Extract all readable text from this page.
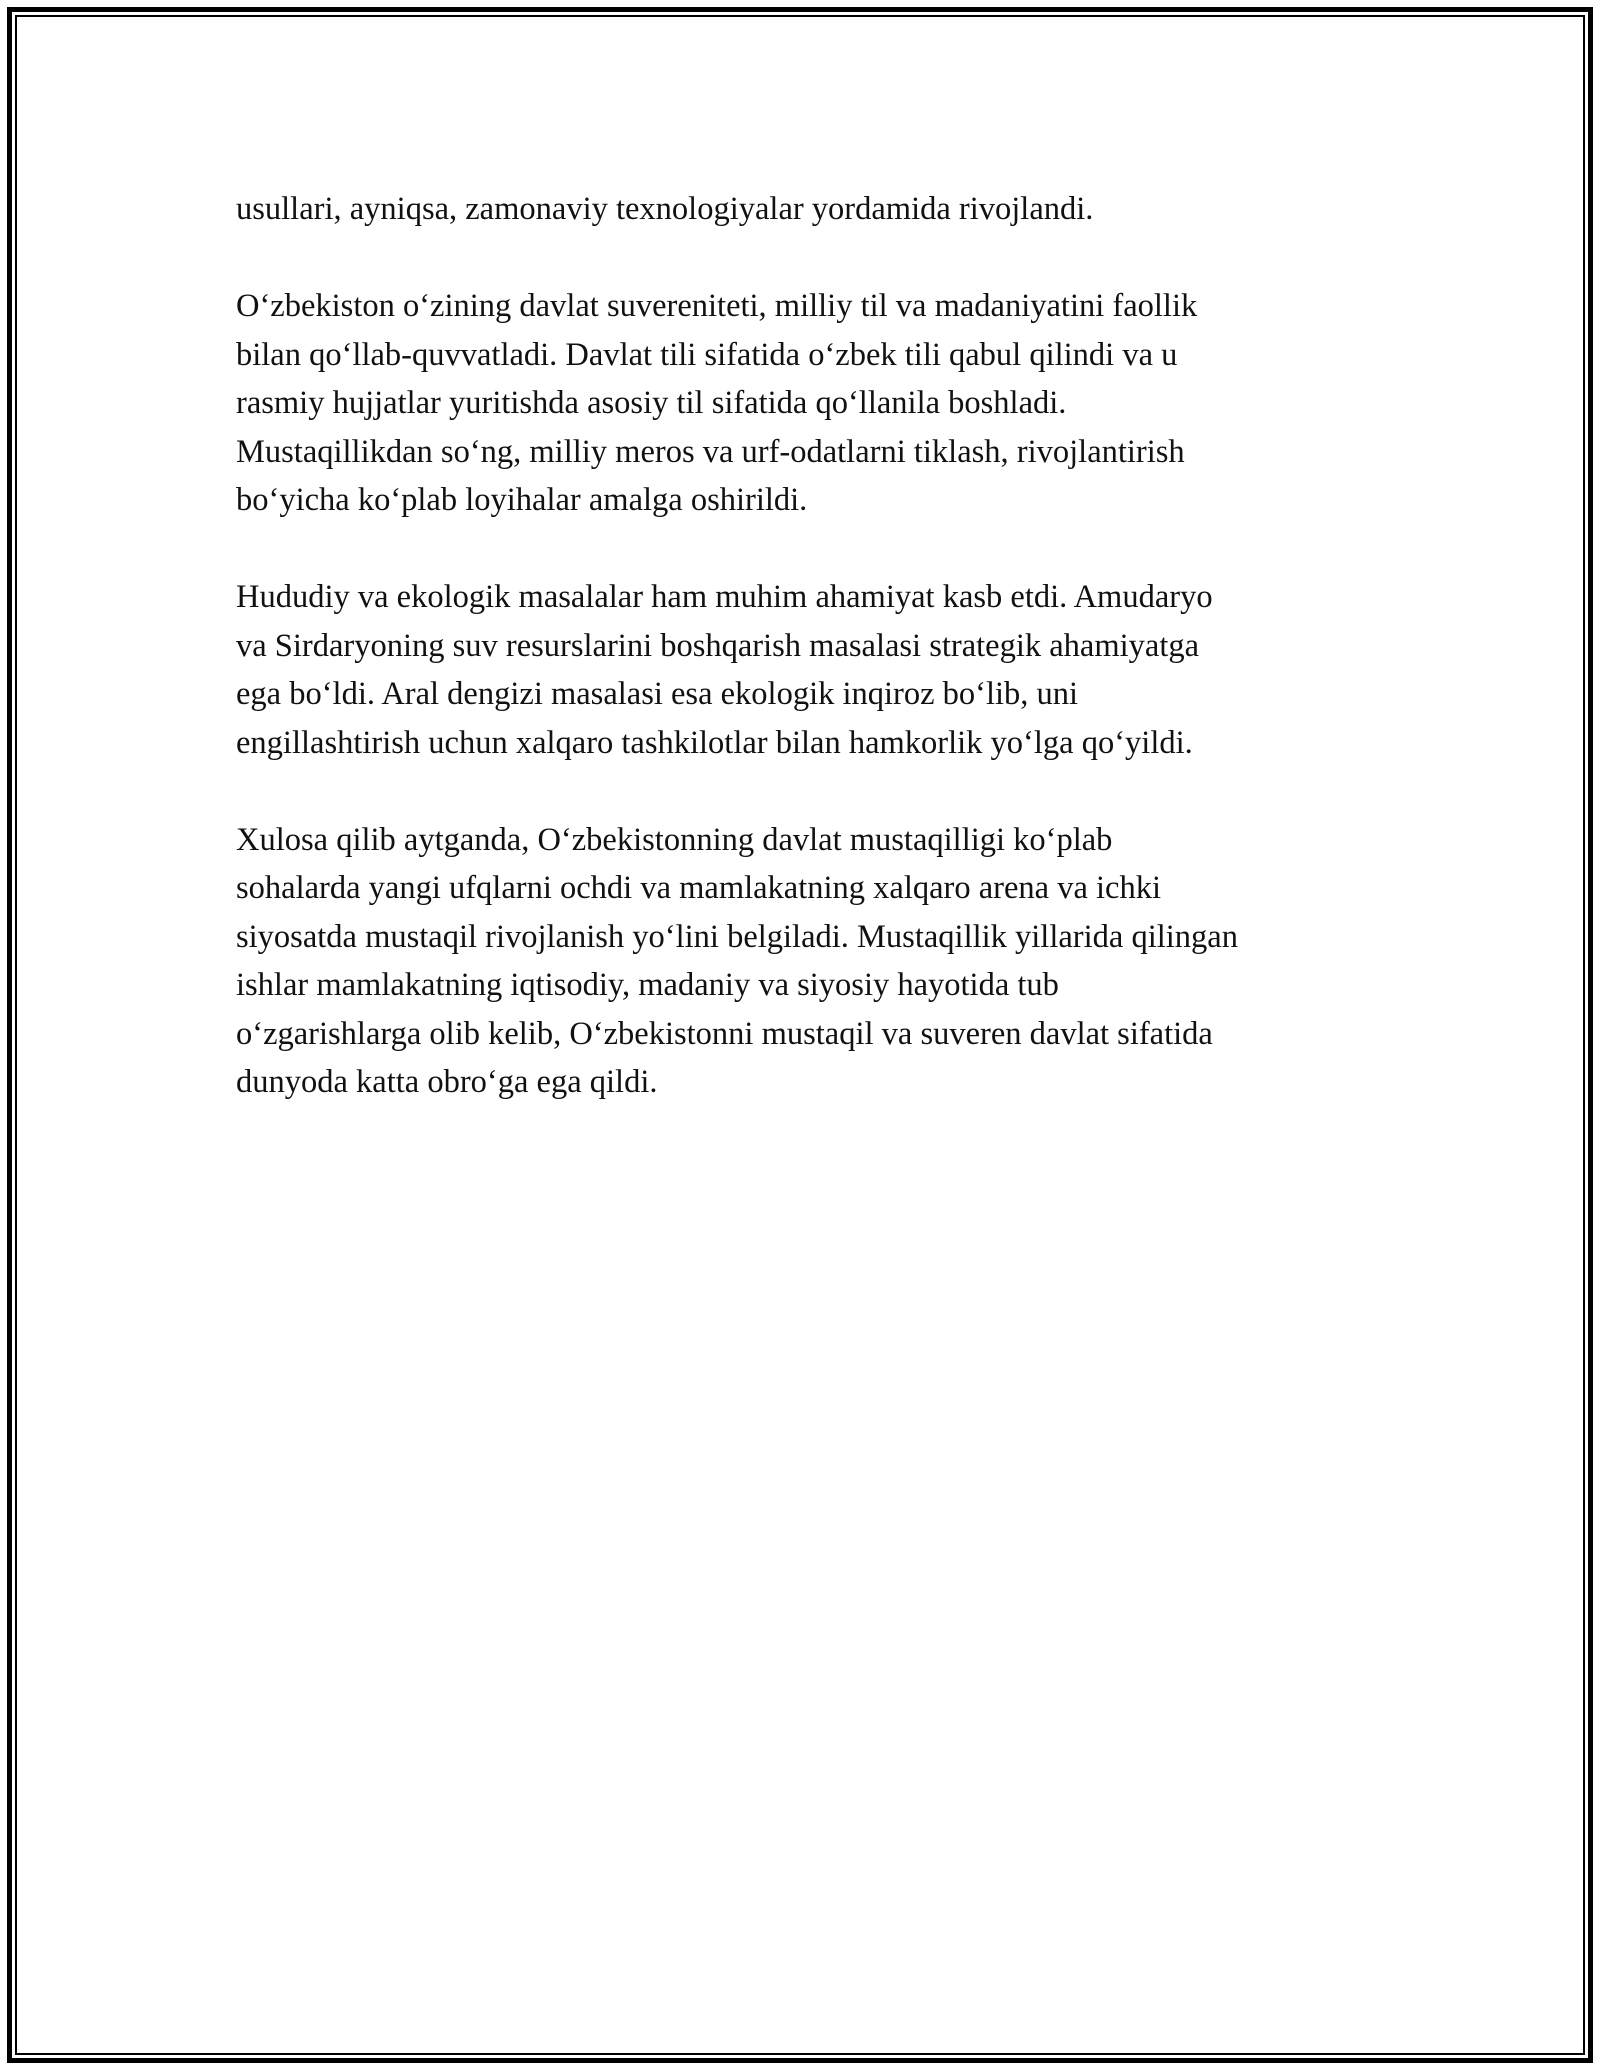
usullari, ayniqsa, zamonaviy texnologiyalar yordamida rivojlandi.

O‘zbekiston o‘zining davlat suvereniteti, milliy til va madaniyatini faollik
bilan qo‘llab-quvvatladi. Davlat tili sifatida o‘zbek tili qabul qilindi va u
rasmiy hujjatlar yuritishda asosiy til sifatida qo‘llanila boshladi.
Mustaqillikdan so‘ng, milliy meros va urf-odatlarni tiklash, rivojlantirish
bo‘yicha ko‘plab loyihalar amalga oshirildi.

Hududiy va ekologik masalalar ham muhim ahamiyat kasb etdi. Amudaryo
va Sirdaryoning suv resurslarini boshqarish masalasi strategik ahamiyatga
ega bo‘ldi. Aral dengizi masalasi esa ekologik inqiroz bo‘lib, uni
engillashtirish uchun xalqaro tashkilotlar bilan hamkorlik yo‘lga qo‘yildi.

Xulosa qilib aytganda, O‘zbekistonning davlat mustaqilligi ko‘plab
sohalarda yangi ufqlarni ochdi va mamlakatning xalqaro arena va ichki
siyosatda mustaqil rivojlanish yo‘lini belgiladi. Mustaqillik yillarida qilingan
ishlar mamlakatning iqtisodiy, madaniy va siyosiy hayotida tub
o‘zgarishlarga olib kelib, O‘zbekistonni mustaqil va suveren davlat sifatida
dunyoda katta obro‘ga ega qildi.
